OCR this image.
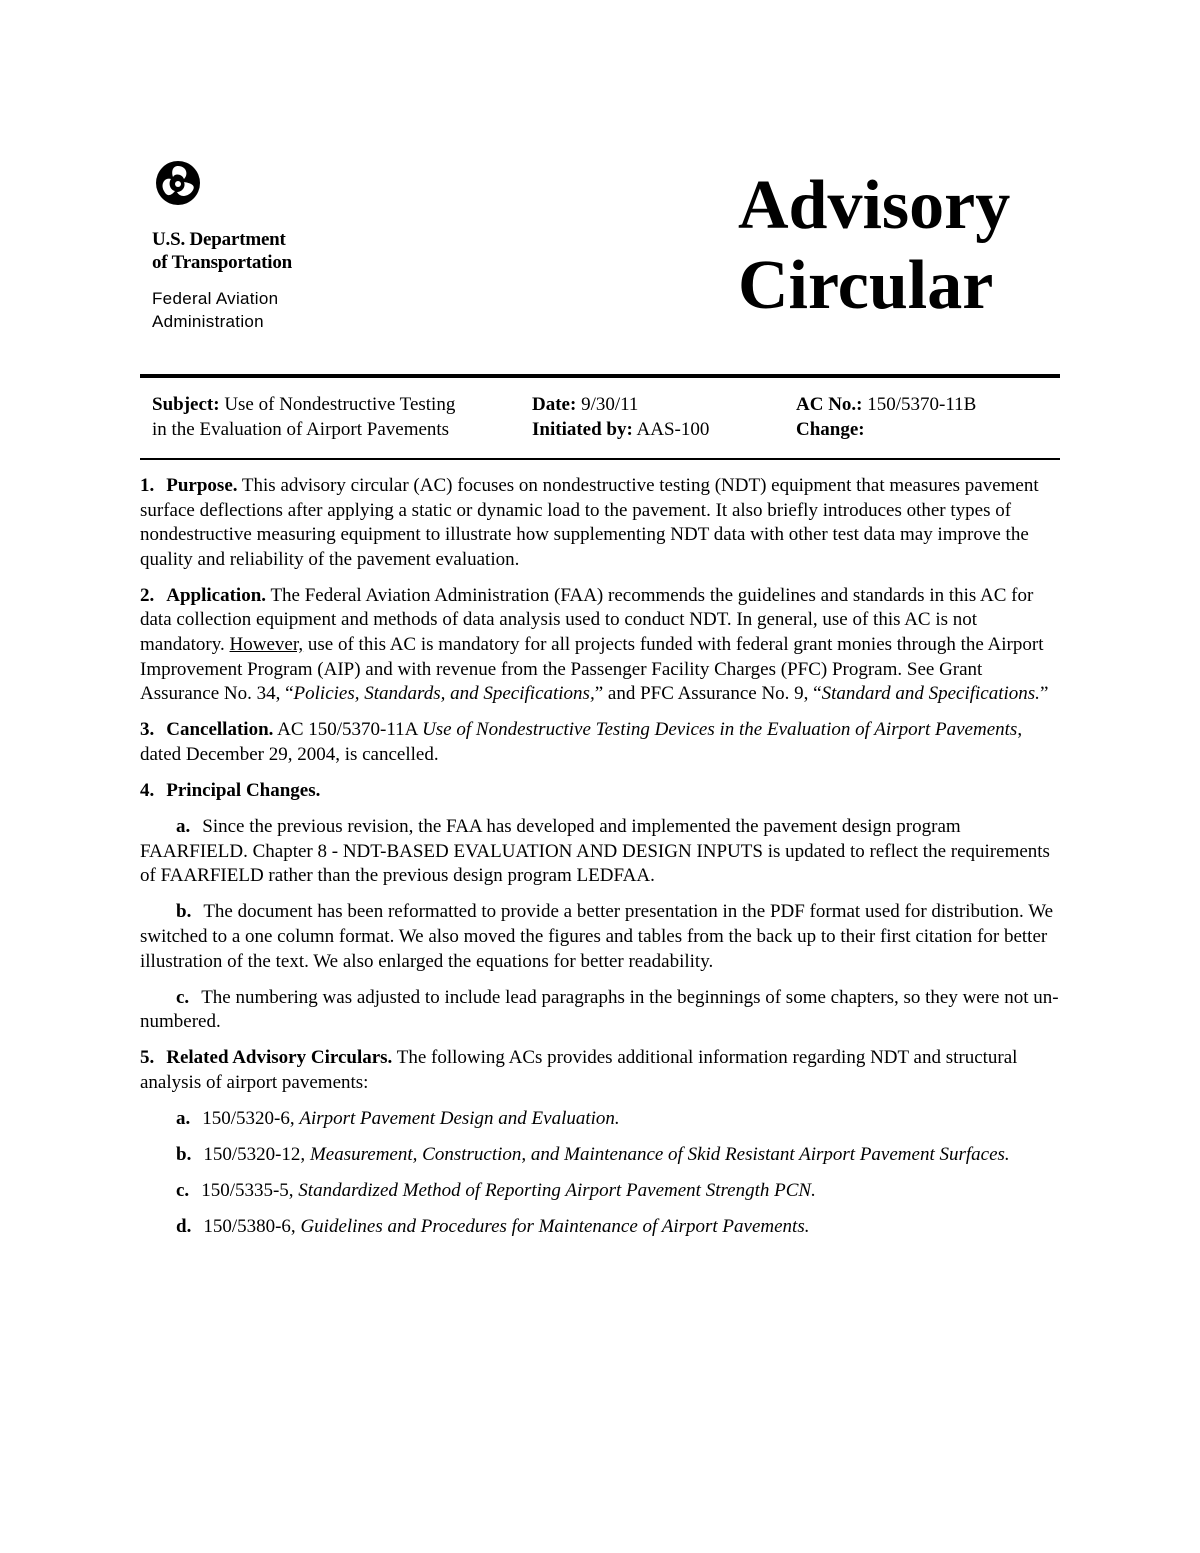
U.S. Department
of Transportation
Federal Aviation
Administration
Advisory
Circular
Subject: Use of Nondestructive Testing
in the Evaluation of Airport Pavements
Date: 9/30/11
Initiated by: AAS-100
AC No.: 150/5370-11B
Change:

1. Purpose. This advisory circular (AC) focuses on nondestructive testing (NDT) equipment that measures pavement surface deflections after applying a static or dynamic load to the pavement. It also briefly introduces other types of nondestructive measuring equipment to illustrate how supplementing NDT data with other test data may improve the quality and reliability of the pavement evaluation.

2. Application. The Federal Aviation Administration (FAA) recommends the guidelines and standards in this AC for data collection equipment and methods of data analysis used to conduct NDT. In general, use of this AC is not mandatory. However, use of this AC is mandatory for all projects funded with federal grant monies through the Airport Improvement Program (AIP) and with revenue from the Passenger Facility Charges (PFC) Program. See Grant Assurance No. 34, “Policies, Standards, and Specifications,” and PFC Assurance No. 9, “Standard and Specifications.”

3. Cancellation. AC 150/5370-11A Use of Nondestructive Testing Devices in the Evaluation of Airport Pavements, dated December 29, 2004, is cancelled.

4. Principal Changes.

a. Since the previous revision, the FAA has developed and implemented the pavement design program FAARFIELD. Chapter 8 - NDT-BASED EVALUATION AND DESIGN INPUTS is updated to reflect the requirements of FAARFIELD rather than the previous design program LEDFAA.

b. The document has been reformatted to provide a better presentation in the PDF format used for distribution. We switched to a one column format. We also moved the figures and tables from the back up to their first citation for better illustration of the text. We also enlarged the equations for better readability.

c. The numbering was adjusted to include lead paragraphs in the beginnings of some chapters, so they were not un-numbered.

5. Related Advisory Circulars. The following ACs provides additional information regarding NDT and structural analysis of airport pavements:

a. 150/5320-6, Airport Pavement Design and Evaluation.

b. 150/5320-12, Measurement, Construction, and Maintenance of Skid Resistant Airport Pavement Surfaces.

c. 150/5335-5, Standardized Method of Reporting Airport Pavement Strength PCN.

d. 150/5380-6, Guidelines and Procedures for Maintenance of Airport Pavements.
